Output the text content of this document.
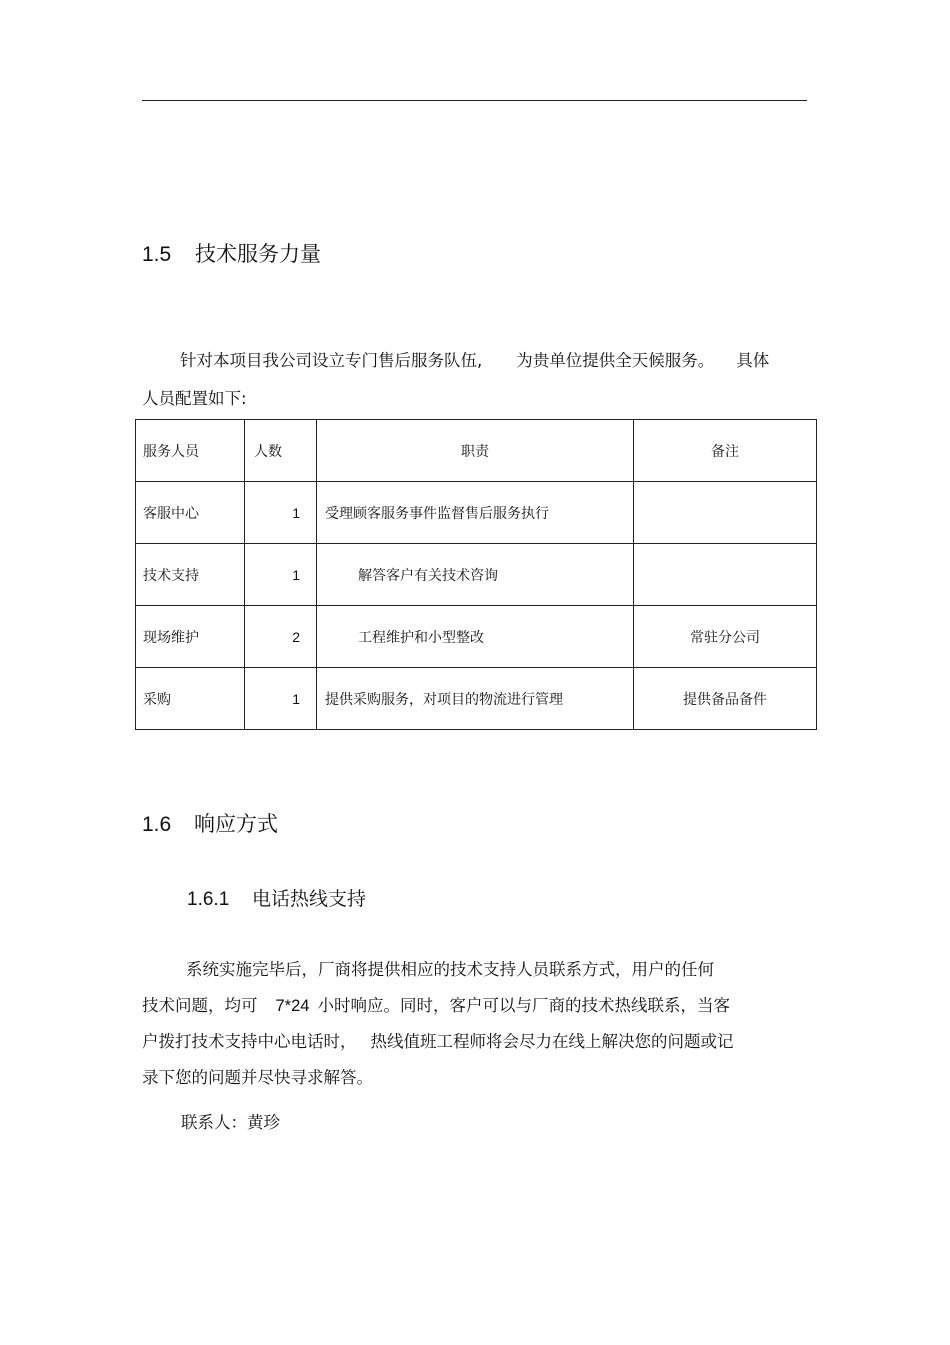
1.5 技术服务力量
针对本项目我公司设立专门售后服务队伍, 为贵单位提供全天候服务。 具体
人员配置如下:
服务人员	人数	职责	备注
客服中心	1	受理顾客服务事件监督售后服务执行	
技术支持	1	解答客户有关技术咨询	
现场维护	2	工程维护和小型整改	常驻分公司
采购	1	提供采购服务，对项目的物流进行管理	提供备品备件
1.6 响应方式
1.6.1 电话热线支持
系统实施完毕后，厂商将提供相应的技术支持人员联系方式，用户的任何
技术问题，均可 7*24 小时响应。同时，客户可以与厂商的技术热线联系，当客
户拨打技术支持中心电话时， 热线值班工程师将会尽力在线上解决您的问题或记
录下您的问题并尽快寻求解答。
联系人：黄珍
